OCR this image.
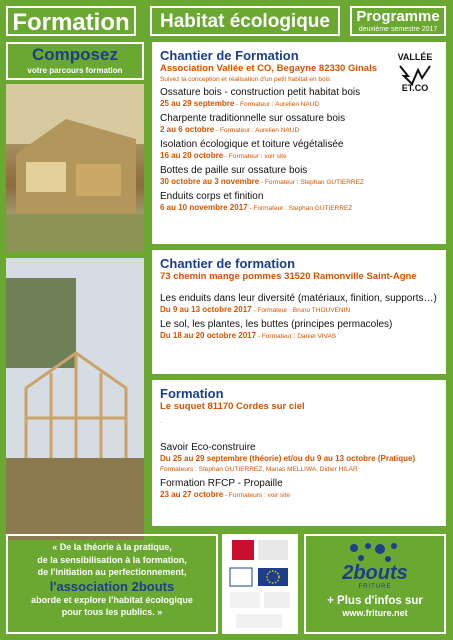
Formation	Habitat écologique	Programme
deuxième semestre 2017
Composez
votre parcours formation
Chantier de Formation
Association Vallée et CO, Begayne 82330 Ginals
Suivez la conception et réalisation d'un petit habitat en bois
Ossature bois - construction petit habitat bois
25 au 29 septembre - Formateur : Aurelien NAUD
Charpente traditionnelle sur ossature bois
2 au 6 octobre - Formateur : Aurelien NAUD
Isolation écologique et toiture végétalisée
16 au 20 octobre - Formateur : voir site
Bottes de paille sur ossature bois
30 octobre au 3 novembre - Formateur : Stephan GUTIERREZ
Enduits corps et finition
6 au 10 novembre 2017 - Formateur : Stephan GUTIERREZ
VALLÉE
ET.CO
Chantier de formation
73 chemin mange pommes 31520 Ramonville Saint-Agne
Les enduits dans leur diversité (matériaux, finition, supports…)
Du 9 au 13 octobre 2017 - Formateur : Bruno THOUVENIN
Le sol, les plantes, les buttes (principes permacoles)
Du 18 au 20 octobre 2017 - Formateur : Daniel VIVAS
Formation
Le suquet 81170 Cordes sur ciel
.
Savoir Eco-construire
Du 25 au 29 septembre (théorie) et/ou du 9 au 13 octobre (Pratique)
Formateurs : Stephan GUTIERREZ, Manas MELLIWA, Didier HILAR
Formation RFCP - Propaille
23 au 27 octobre - Formateurs : voir site
« De la théorie à la pratique,
de la sensibilisation à la formation,
de l'initiation au perfectionnement,
l'association 2bouts
aborde et explore l'habitat écologique
pour tous les publics. »
2bouts
FRITURE
+ Plus d'infos sur
www.friture.net
